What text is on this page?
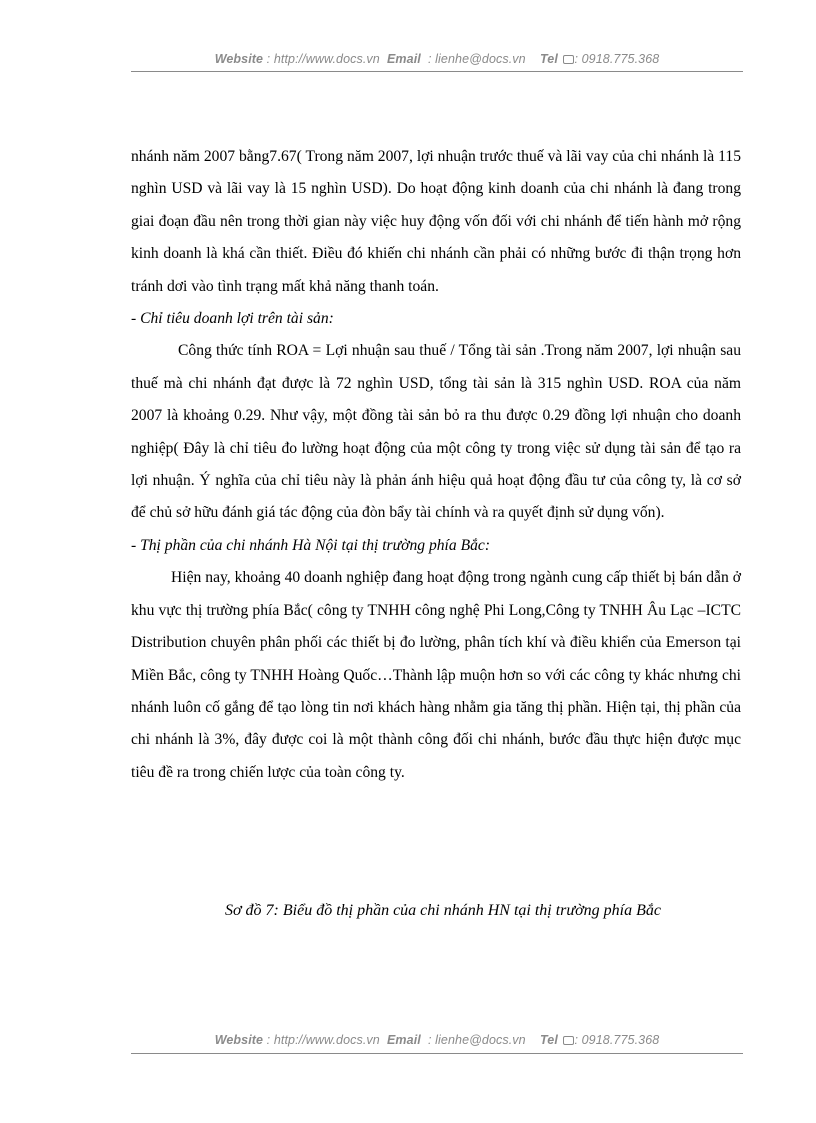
Website : http://www.docs.vn Email : lienhe@docs.vn Tel : 0918.775.368

nhánh năm 2007 bằng7.67( Trong năm 2007, lợi nhuận trước thuế và lãi vay của chi nhánh là 115 nghìn USD và lãi vay là 15 nghìn USD). Do hoạt động kinh doanh của chi nhánh là đang trong giai đoạn đầu nên trong thời gian này việc huy động vốn đối với chi nhánh để tiến hành mở rộng kinh doanh là khá cần thiết. Điều đó khiến chi nhánh cần phải có những bước đi thận trọng hơn tránh dơi vào tình trạng mất khả năng thanh toán.

- Chỉ tiêu doanh lợi trên tài sản:

Công thức tính ROA = Lợi nhuận sau thuế / Tổng tài sản .Trong năm 2007, lợi nhuận sau thuế mà chi nhánh đạt được là 72 nghìn USD, tổng tài sản là 315 nghìn USD. ROA của năm 2007 là khoảng 0.29. Như vậy, một đồng tài sản bỏ ra thu được 0.29 đồng lợi nhuận cho doanh nghiệp( Đây là chỉ tiêu đo lường hoạt động của một công ty trong việc sử dụng tài sản để tạo ra lợi nhuận. Ý nghĩa của chỉ tiêu này là phản ánh hiệu quả hoạt động đầu tư của công ty, là cơ sở để chủ sở hữu đánh giá tác động của đòn bẩy tài chính và ra quyết định sử dụng vốn).

- Thị phần của chi nhánh Hà Nội tại thị trường phía Bắc:

Hiện nay, khoảng 40 doanh nghiệp đang hoạt động trong ngành cung cấp thiết bị bán dẫn ở khu vực thị trường phía Bắc( công ty TNHH công nghệ Phi Long,Công ty TNHH Âu Lạc –ICTC Distribution chuyên phân phối các thiết bị đo lường, phân tích khí và điều khiển của Emerson tại Miền Bắc, công ty TNHH Hoàng Quốc…Thành lập muộn hơn so với các công ty khác nhưng chi nhánh luôn cố gắng để tạo lòng tin nơi khách hàng nhằm gia tăng thị phần. Hiện tại, thị phần của chi nhánh là 3%, đây được coi là một thành công đối chi nhánh, bước đầu thực hiện được mục tiêu đề ra trong chiến lược của toàn công ty.

Sơ đồ 7: Biểu đồ thị phần của chi nhánh HN tại thị trường phía Bắc
Website : http://www.docs.vn Email : lienhe@docs.vn Tel : 0918.775.368
